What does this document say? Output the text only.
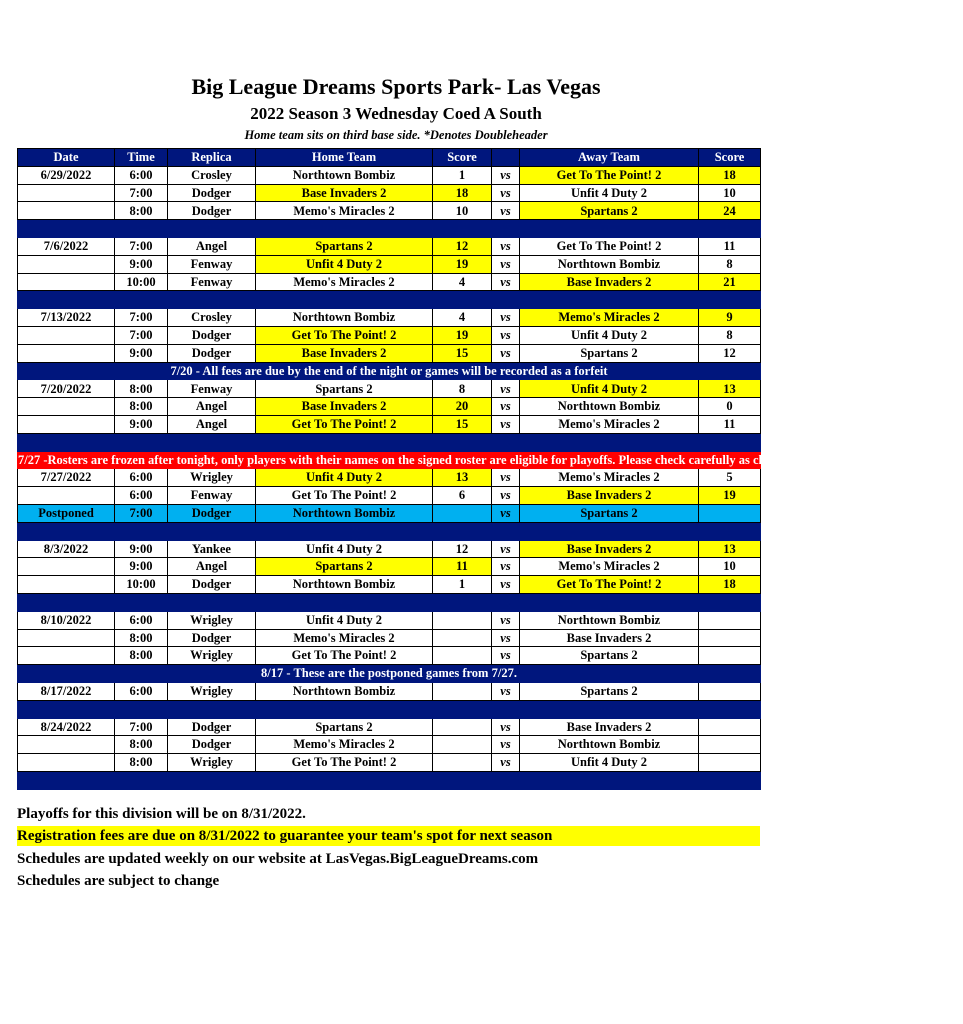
Big League Dreams Sports Park- Las Vegas
2022 Season 3 Wednesday Coed A South
Home team sits on third base side. *Denotes Doubleheader
Date	Time	Replica	Home Team	Score		Away Team	Score
6/29/2022	6:00	Crosley	Northtown Bombiz	1	vs	Get To The Point! 2	18
	7:00	Dodger	Base Invaders 2	18	vs	Unfit 4 Duty 2	10
	8:00	Dodger	Memo's Miracles 2	10	vs	Spartans 2	24

7/6/2022	7:00	Angel	Spartans 2	12	vs	Get To The Point! 2	11
	9:00	Fenway	Unfit 4 Duty 2	19	vs	Northtown Bombiz	8
	10:00	Fenway	Memo's Miracles 2	4	vs	Base Invaders 2	21

7/13/2022	7:00	Crosley	Northtown Bombiz	4	vs	Memo's Miracles 2	9
	7:00	Dodger	Get To The Point! 2	19	vs	Unfit 4 Duty 2	8
	9:00	Dodger	Base Invaders 2	15	vs	Spartans 2	12
7/20 - All fees are due by the end of the night or games will be recorded as a forfeit							
7/20/2022	8:00	Fenway	Spartans 2	8	vs	Unfit 4 Duty 2	13
	8:00	Angel	Base Invaders 2	20	vs	Northtown Bombiz	0
	9:00	Angel	Get To The Point! 2	15	vs	Memo's Miracles 2	11

7/27 -Rosters are frozen after tonight, only players with their names on the signed roster are eligible for playoffs. Please check carefully as changes will not be made for omissions.							
7/27/2022	6:00	Wrigley	Unfit 4 Duty 2	13	vs	Memo's Miracles 2	5
	6:00	Fenway	Get To The Point! 2	6	vs	Base Invaders 2	19
Postponed	7:00	Dodger	Northtown Bombiz		vs	Spartans 2	

8/3/2022	9:00	Yankee	Unfit 4 Duty 2	12	vs	Base Invaders 2	13
	9:00	Angel	Spartans 2	11	vs	Memo's Miracles 2	10
	10:00	Dodger	Northtown Bombiz	1	vs	Get To The Point! 2	18

8/10/2022	6:00	Wrigley	Unfit 4 Duty 2		vs	Northtown Bombiz	
	8:00	Dodger	Memo's Miracles 2		vs	Base Invaders 2	
	8:00	Wrigley	Get To The Point! 2		vs	Spartans 2	
8/17 - These are the postponed games from 7/27.							
8/17/2022	6:00	Wrigley	Northtown Bombiz		vs	Spartans 2	

8/24/2022	7:00	Dodger	Spartans 2		vs	Base Invaders 2	
	8:00	Dodger	Memo's Miracles 2		vs	Northtown Bombiz	
	8:00	Wrigley	Get To The Point! 2		vs	Unfit 4 Duty 2	

Playoffs for this division will be on 8/31/2022.
Registration fees are due on 8/31/2022 to guarantee your team's spot for next season
Schedules are updated weekly on our website at LasVegas.BigLeagueDreams.com
Schedules are subject to change
